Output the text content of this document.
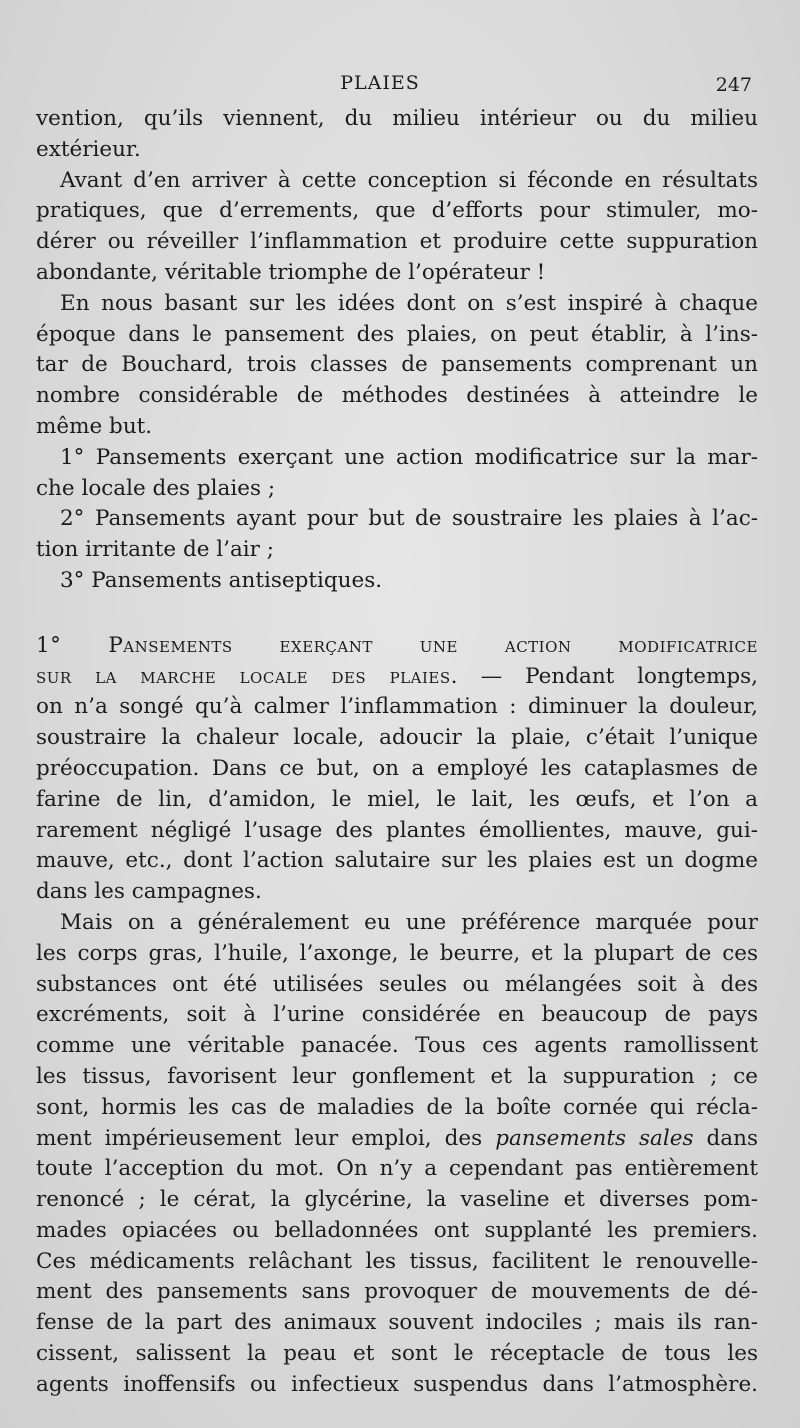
PLAIES	247
vention, qu’ils viennent, du milieu intérieur ou du milieu
extérieur.
Avant d’en arriver à cette conception si féconde en résultats
pratiques, que d’errements, que d’efforts pour stimuler, mo-
dérer ou réveiller l’inflammation et produire cette suppuration
abondante, véritable triomphe de l’opérateur !
En nous basant sur les idées dont on s’est inspiré à chaque
époque dans le pansement des plaies, on peut établir, à l’ins-
tar de Bouchard, trois classes de pansements comprenant un
nombre considérable de méthodes destinées à atteindre le
même but.
1° Pansements exerçant une action modificatrice sur la mar-
che locale des plaies ;
2° Pansements ayant pour but de soustraire les plaies à l’ac-
tion irritante de l’air ;
3° Pansements antiseptiques.
1° Pansements exerçant une action modificatrice
sur la marche locale des plaies. — Pendant longtemps,
on n’a songé qu’à calmer l’inflammation : diminuer la douleur,
soustraire la chaleur locale, adoucir la plaie, c’était l’unique
préoccupation. Dans ce but, on a employé les cataplasmes de
farine de lin, d’amidon, le miel, le lait, les œufs, et l’on a
rarement négligé l’usage des plantes émollientes, mauve, gui-
mauve, etc., dont l’action salutaire sur les plaies est un dogme
dans les campagnes.
Mais on a généralement eu une préférence marquée pour
les corps gras, l’huile, l’axonge, le beurre, et la plupart de ces
substances ont été utilisées seules ou mélangées soit à des
excréments, soit à l’urine considérée en beaucoup de pays
comme une véritable panacée. Tous ces agents ramollissent
les tissus, favorisent leur gonflement et la suppuration ; ce
sont, hormis les cas de maladies de la boîte cornée qui récla-
ment impérieusement leur emploi, des pansements sales dans
toute l’acception du mot. On n’y a cependant pas entièrement
renoncé ; le cérat, la glycérine, la vaseline et diverses pom-
mades opiacées ou belladonnées ont supplanté les premiers.
Ces médicaments relâchant les tissus, facilitent le renouvelle-
ment des pansements sans provoquer de mouvements de dé-
fense de la part des animaux souvent indociles ; mais ils ran-
cissent, salissent la peau et sont le réceptacle de tous les
agents inoffensifs ou infectieux suspendus dans l’atmosphère.
